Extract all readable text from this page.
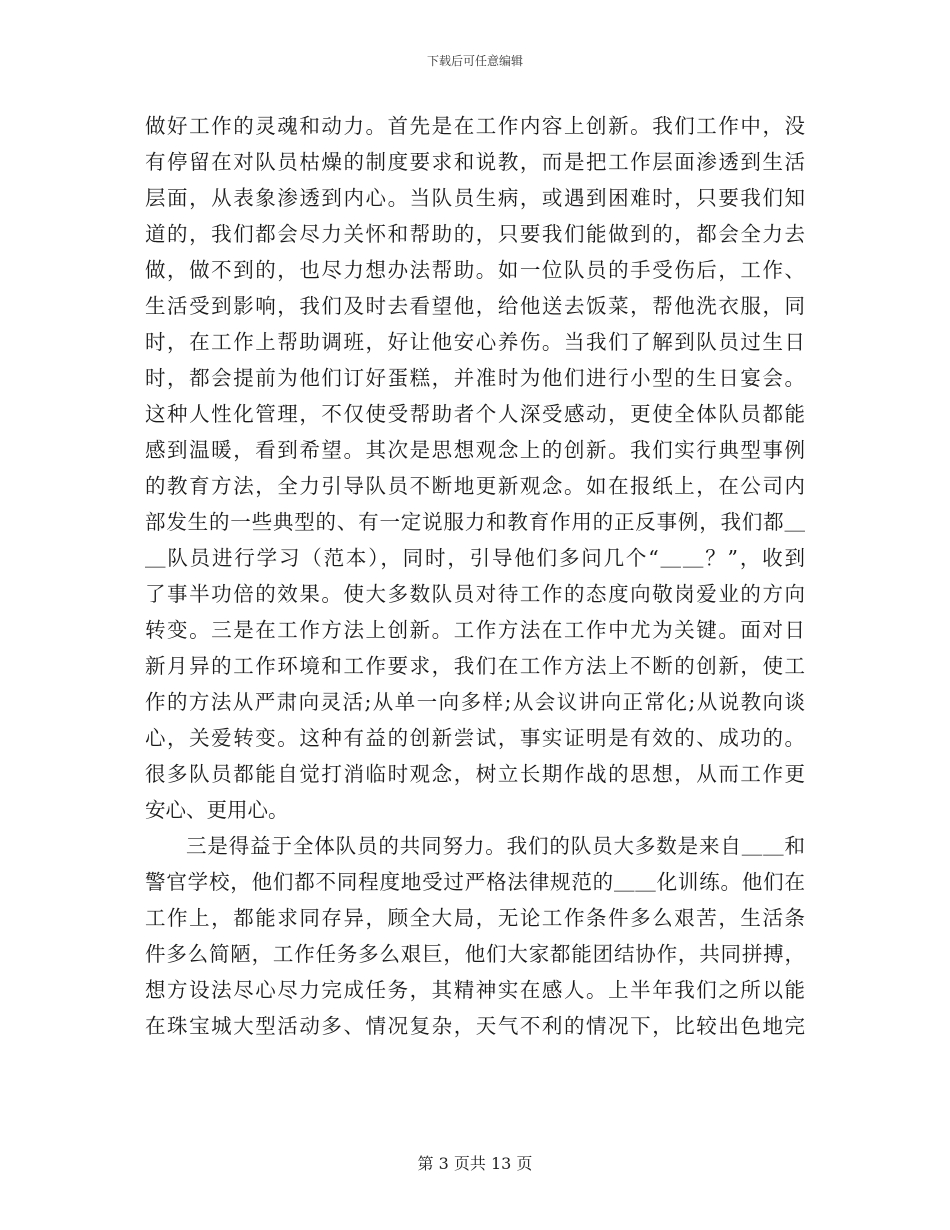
下载后可任意编辑
做好工作的灵魂和动力。首先是在工作内容上创新。我们工作中，没
有停留在对队员枯燥的制度要求和说教，而是把工作层面渗透到生活
层面，从表象渗透到内心。当队员生病，或遇到困难时，只要我们知
道的，我们都会尽力关怀和帮助的，只要我们能做到的，都会全力去
做，做不到的，也尽力想办法帮助。如一位队员的手受伤后，工作、
生活受到影响，我们及时去看望他，给他送去饭菜，帮他洗衣服，同
时，在工作上帮助调班，好让他安心养伤。当我们了解到队员过生日
时，都会提前为他们订好蛋糕，并准时为他们进行小型的生日宴会。
这种人性化管理，不仅使受帮助者个人深受感动，更使全体队员都能
感到温暖，看到希望。其次是思想观念上的创新。我们实行典型事例
的教育方法，全力引导队员不断地更新观念。如在报纸上，在公司内
部发生的一些典型的、有一定说服力和教育作用的正反事例，我们都＿
＿队员进行学习（范本），同时，引导他们多问几个“＿＿？”，收到
了事半功倍的效果。使大多数队员对待工作的态度向敬岗爱业的方向
转变。三是在工作方法上创新。工作方法在工作中尤为关键。面对日
新月异的工作环境和工作要求，我们在工作方法上不断的创新，使工
作的方法从严肃向灵活;从单一向多样;从会议讲向正常化;从说教向谈
心，关爱转变。这种有益的创新尝试，事实证明是有效的、成功的。
很多队员都能自觉打消临时观念，树立长期作战的思想，从而工作更
安心、更用心。
三是得益于全体队员的共同努力。我们的队员大多数是来自＿＿和
警官学校，他们都不同程度地受过严格法律规范的＿＿化训练。他们在
工作上，都能求同存异，顾全大局，无论工作条件多么艰苦，生活条
件多么简陋，工作任务多么艰巨，他们大家都能团结协作，共同拼搏，
想方设法尽心尽力完成任务，其精神实在感人。上半年我们之所以能
在珠宝城大型活动多、情况复杂，天气不利的情况下，比较出色地完
第 3 页共 13 页
